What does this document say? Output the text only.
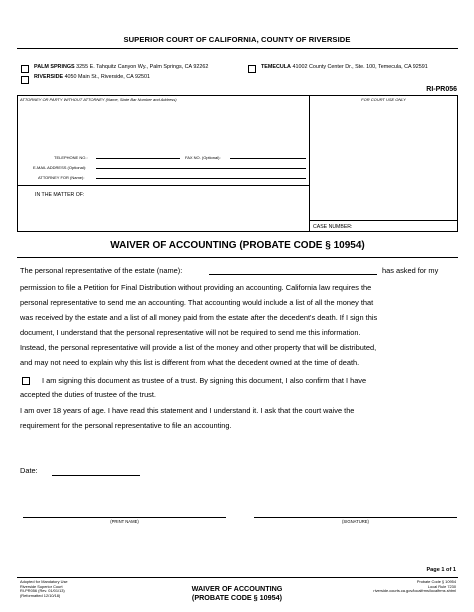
SUPERIOR COURT OF CALIFORNIA, COUNTY OF RIVERSIDE
PALM SPRINGS 3255 E. Tahquitz Canyon Wy., Palm Springs, CA 92262	TEMECULA 41002 County Center Dr., Ste. 100, Temecula, CA 92591
RIVERSIDE 4050 Main St., Riverside, CA 92501
RI-PR056
ATTORNEY OR PARTY WITHOUT ATTORNEY (Name, State Bar Number and Address)	FOR COURT USE ONLY
TELEPHONE NO.:	FAX NO. (Optional):
E-MAIL ADDRESS (Optional):
ATTORNEY FOR (Name):
IN THE MATTER OF:
CASE NUMBER:
WAIVER OF ACCOUNTING (PROBATE CODE § 10954)
The personal representative of the estate (name):	has asked for my
permission to file a Petition for Final Distribution without providing an accounting. California law requires the
personal representative to send me an accounting. That accounting would include a list of all the money that
was received by the estate and a list of all money paid from the estate after the decedent's death. If I sign this
document, I understand that the personal representative will not be required to send me this information.
Instead, the personal representative will provide a list of the money and other property that will be distributed,
and may not need to explain why this list is different from what the decedent owned at the time of death.
I am signing this document as trustee of a trust. By signing this document, I also confirm that I have
accepted the duties of trustee of the trust.
I am over 18 years of age. I have read this statement and I understand it. I ask that the court waive the
requirement for the personal representative to file an accounting.
Date:
(PRINT NAME)	(SIGNATURE)
Page 1 of 1
Adopted for Mandatory Use
Riverside Superior Court
RI-PR056 (Rev. 01/01/13)
(Reformatted 12/10/18)
WAIVER OF ACCOUNTING
(PROBATE CODE § 10954)
Probate Code § 10954
Local Rule 7230
riverside.courts.ca.gov/localfrms/localfrms.shtml
